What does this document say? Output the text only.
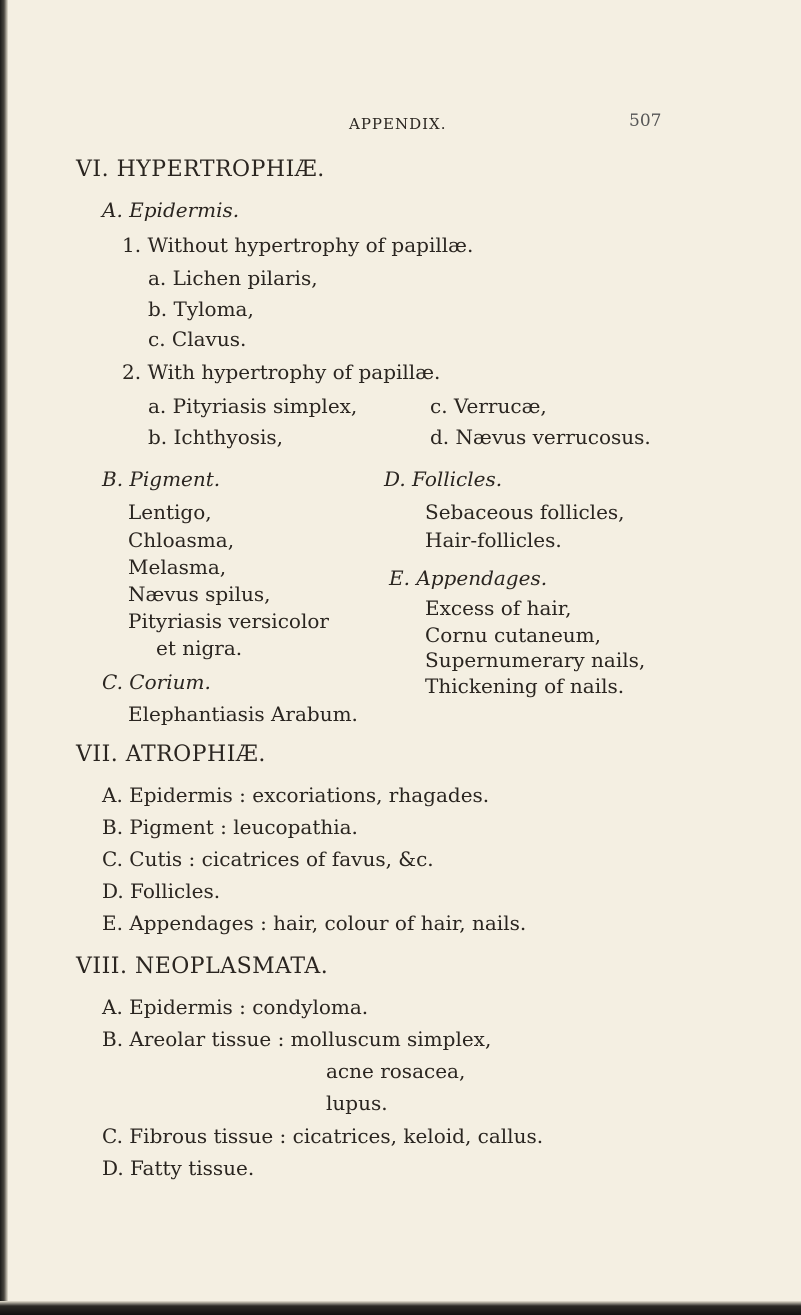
APPENDIX.	507
VI. HYPERTROPHIÆ.
A. Epidermis.
1. Without hypertrophy of papillæ.
a. Lichen pilaris,
b. Tyloma,
c. Clavus.
2. With hypertrophy of papillæ.
a. Pityriasis simplex,	c. Verrucæ,
b. Ichthyosis,	d. Nævus verrucosus.
B. Pigment.
Lentigo,
Chloasma,
Melasma,
Nævus spilus,
Pityriasis versicolor
et nigra.
C. Corium.
Elephantiasis Arabum.
D. Follicles.
Sebaceous follicles,
Hair-follicles.
E. Appendages.
Excess of hair,
Cornu cutaneum,
Supernumerary nails,
Thickening of nails.
VII. ATROPHIÆ.
A. Epidermis : excoriations, rhagades.
B. Pigment : leucopathia.
C. Cutis : cicatrices of favus, &c.
D. Follicles.
E. Appendages : hair, colour of hair, nails.
VIII. NEOPLASMATA.
A. Epidermis : condyloma.
B. Areolar tissue : molluscum simplex,
acne rosacea,
lupus.
C. Fibrous tissue : cicatrices, keloid, callus.
D. Fatty tissue.
